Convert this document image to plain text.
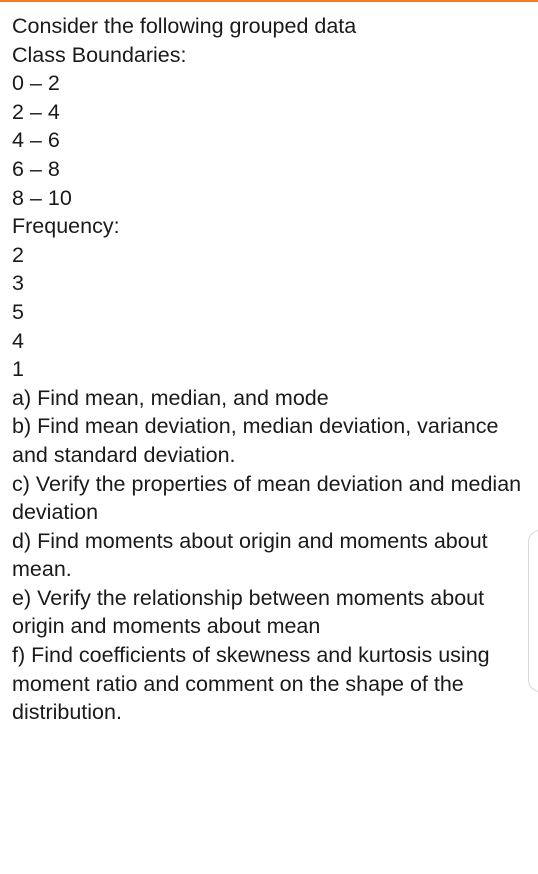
Consider the following grouped data
Class Boundaries:
0 – 2
2 – 4
4 – 6
6 – 8
8 – 10
Frequency:
2
3
5
4
1
a) Find mean, median, and mode
b) Find mean deviation, median deviation, variance and standard deviation.
c) Verify the properties of mean deviation and median deviation
d) Find moments about origin and moments about mean.
e) Verify the relationship between moments about origin and moments about mean
f) Find coefficients of skewness and kurtosis using moment ratio and comment on the shape of the distribution.
